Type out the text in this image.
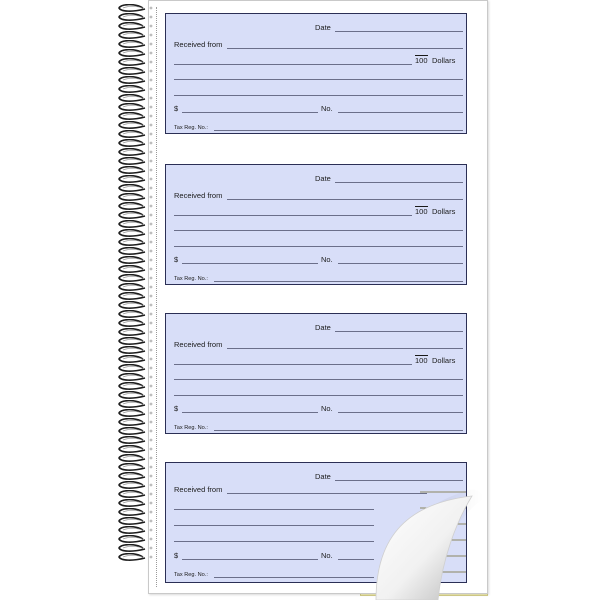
Date
Received from
100 Dollars
$	No.
Tax Reg. No.:
Date
Received from
100 Dollars
$	No.
Tax Reg. No.:
Date
Received from
100 Dollars
$	No.
Tax Reg. No.:
Date
Received from
$	No.
Tax Reg. No.:
